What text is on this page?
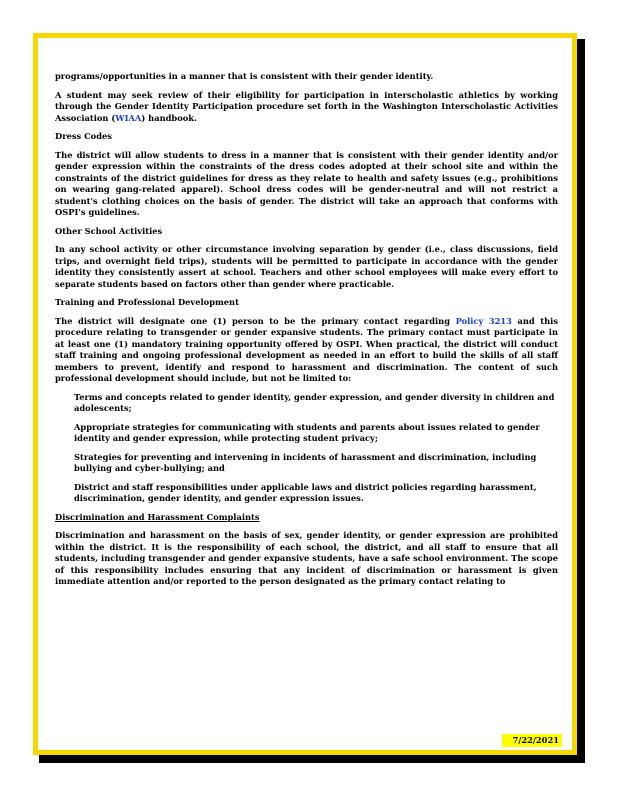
programs/opportunities in a manner that is consistent with their gender identity.

A student may seek review of their eligibility for participation in interscholastic athletics by working through the Gender Identity Participation procedure set forth in the Washington Interscholastic Activities Association (WIAA) handbook.

Dress Codes

The district will allow students to dress in a manner that is consistent with their gender identity and/or gender expression within the constraints of the dress codes adopted at their school site and within the constraints of the district guidelines for dress as they relate to health and safety issues (e.g., prohibitions on wearing gang-related apparel). School dress codes will be gender-neutral and will not restrict a student's clothing choices on the basis of gender. The district will take an approach that conforms with OSPI's guidelines.

Other School Activities

In any school activity or other circumstance involving separation by gender (i.e., class discussions, field trips, and overnight field trips), students will be permitted to participate in accordance with the gender identity they consistently assert at school. Teachers and other school employees will make every effort to separate students based on factors other than gender where practicable.

Training and Professional Development

The district will designate one (1) person to be the primary contact regarding Policy 3213 and this procedure relating to transgender or gender expansive students. The primary contact must participate in at least one (1) mandatory training opportunity offered by OSPI. When practical, the district will conduct staff training and ongoing professional development as needed in an effort to build the skills of all staff members to prevent, identify and respond to harassment and discrimination. The content of such professional development should include, but not be limited to:

Terms and concepts related to gender identity, gender expression, and gender diversity in children and adolescents;
Appropriate strategies for communicating with students and parents about issues related to gender identity and gender expression, while protecting student privacy;
Strategies for preventing and intervening in incidents of harassment and discrimination, including bullying and cyber-bullying; and
District and staff responsibilities under applicable laws and district policies regarding harassment, discrimination, gender identity, and gender expression issues.
Discrimination and Harassment Complaints

Discrimination and harassment on the basis of sex, gender identity, or gender expression are prohibited within the district. It is the responsibility of each school, the district, and all staff to ensure that all students, including transgender and gender expansive students, have a safe school environment. The scope of this responsibility includes ensuring that any incident of discrimination or harassment is given immediate attention and/or reported to the person designated as the primary contact relating to

7/22/2021
